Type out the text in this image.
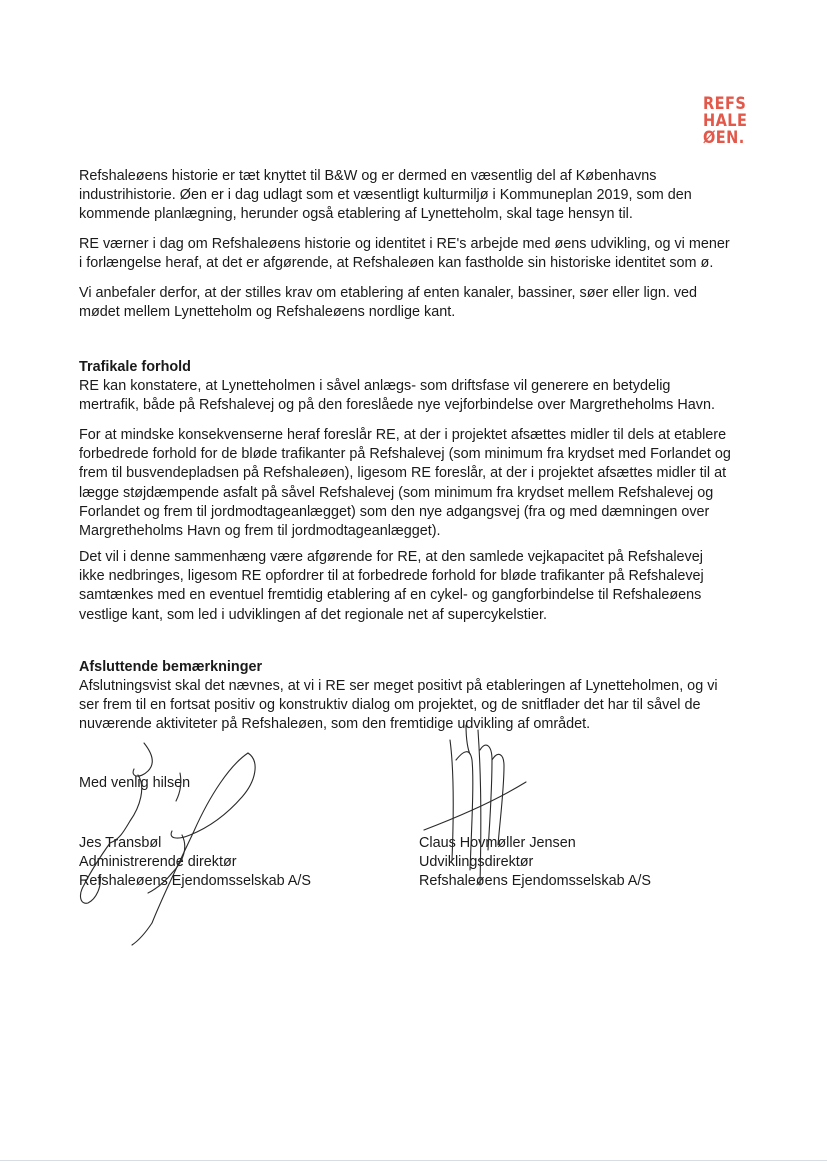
REFS
HALE
ØEN.

Refshaleøens historie er tæt knyttet til B&W og er dermed en væsentlig del af Københavns
industrihistorie. Øen er i dag udlagt som et væsentligt kulturmiljø i Kommuneplan 2019, som den
kommende planlægning, herunder også etablering af Lynetteholm, skal tage hensyn til.

RE værner i dag om Refshaleøens historie og identitet i RE's arbejde med øens udvikling, og vi mener
i forlængelse heraf, at det er afgørende, at Refshaleøen kan fastholde sin historiske identitet som ø.

Vi anbefaler derfor, at der stilles krav om etablering af enten kanaler, bassiner, søer eller lign. ved
mødet mellem Lynetteholm og Refshaleøens nordlige kant.

Trafikale forhold

RE kan konstatere, at Lynetteholmen i såvel anlægs- som driftsfase vil generere en betydelig
mertrafik, både på Refshalevej og på den foreslåede nye vejforbindelse over Margretheholms Havn.

For at mindske konsekvenserne heraf foreslår RE, at der i projektet afsættes midler til dels at etablere
forbedrede forhold for de bløde trafikanter på Refshalevej (som minimum fra krydset med Forlandet og
frem til busvendepladsen på Refshaleøen), ligesom RE foreslår, at der i projektet afsættes midler til at
lægge støjdæmpende asfalt på såvel Refshalevej (som minimum fra krydset mellem Refshalevej og
Forlandet og frem til jordmodtageanlægget) som den nye adgangsvej (fra og med dæmningen over
Margretheholms Havn og frem til jordmodtageanlægget).

Det vil i denne sammenhæng være afgørende for RE, at den samlede vejkapacitet på Refshalevej
ikke nedbringes, ligesom RE opfordrer til at forbedrede forhold for bløde trafikanter på Refshalevej
samtænkes med en eventuel fremtidig etablering af en cykel- og gangforbindelse til Refshaleøens
vestlige kant, som led i udviklingen af det regionale net af supercykelstier.

Afsluttende bemærkninger

Afslutningsvist skal det nævnes, at vi i RE ser meget positivt på etableringen af Lynetteholmen, og vi
ser frem til en fortsat positiv og konstruktiv dialog om projektet, og de snitflader det har til såvel de
nuværende aktiviteter på Refshaleøen, som den fremtidige udvikling af området.

Med venlig hilsen
Jes Transbøl
Administrerende direktør
Refshaleøens Ejendomsselskab A/S
Claus Hovmøller Jensen
Udviklingsdirektør
Refshaleøens Ejendomsselskab A/S
